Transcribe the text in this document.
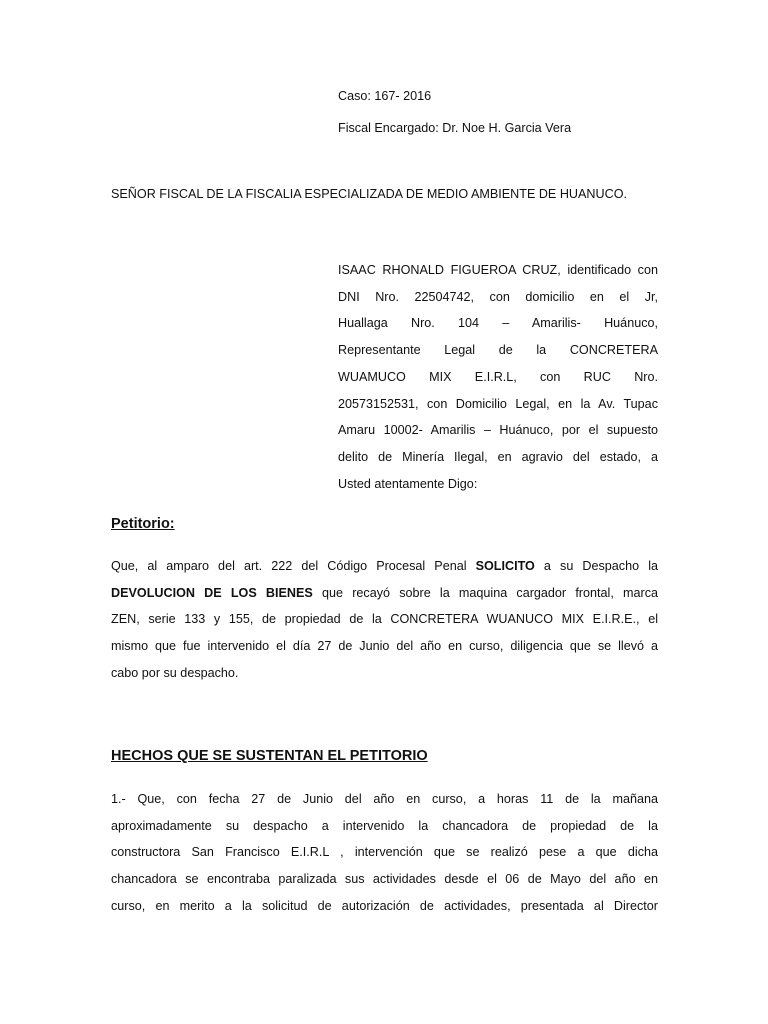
Caso: 167- 2016
Fiscal Encargado: Dr. Noe H. Garcia Vera
SEÑOR FISCAL DE LA FISCALIA ESPECIALIZADA DE MEDIO AMBIENTE DE HUANUCO.
ISAAC RHONALD FIGUEROA CRUZ, identificado con
DNI Nro. 22504742, con domicilio en el Jr,
Huallaga Nro. 104 – Amarilis- Huánuco,
Representante Legal de la CONCRETERA
WUAMUCO MIX E.I.R.L, con RUC Nro.
20573152531, con Domicilio Legal, en la Av. Tupac
Amaru 10002- Amarilis – Huánuco, por el supuesto
delito de Minería Ilegal, en agravio del estado, a
Usted atentamente Digo:
Petitorio:
Que, al amparo del art. 222 del Código Procesal Penal SOLICITO a su Despacho la
DEVOLUCION DE LOS BIENES que recayó sobre la maquina cargador frontal, marca
ZEN, serie 133 y 155, de propiedad de la CONCRETERA WUANUCO MIX E.I.R.E., el
mismo que fue intervenido el día 27 de Junio del año en curso, diligencia que se llevó a
cabo por su despacho.
HECHOS QUE SE SUSTENTAN EL PETITORIO
1.- Que, con fecha 27 de Junio del año en curso, a horas 11 de la mañana
aproximadamente su despacho a intervenido la chancadora de propiedad de la
constructora San Francisco E.I.R.L , intervención que se realizó pese a que dicha
chancadora se encontraba paralizada sus actividades desde el 06 de Mayo del año en
curso, en merito a la solicitud de autorización de actividades, presentada al Director
